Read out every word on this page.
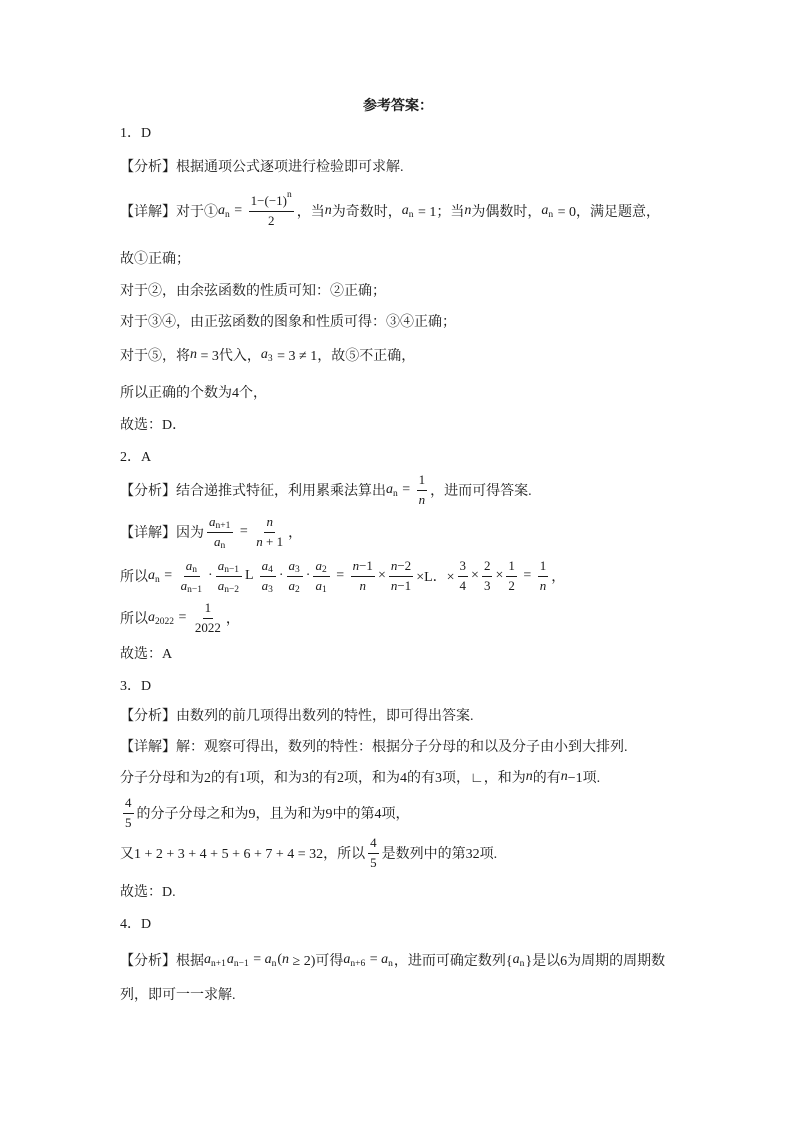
参考答案：
1．D
【分析】根据通项公式逐项进行检验即可求解.
【详解】对于① a $n = \frac{1-(-1) n}{2}$ ，当 n 为奇数时， a n = 1；当 n 为偶数时， a n = 0，满足题意，
故①正确；
对于②，由余弦函数的性质可知：②正确；
对于③④，由正弦函数的图象和性质可得：③④正确；
对于⑤，将 n = 3代入， a 3 = 3 ≠ 1，故⑤不正确，
所以正确的个数为4个，
故选：D．
2．A
【分析】结合递推式特征，利用累乘法算出 a $n = \frac{1}{n}$ ，进而可得答案.
【详解】因为 $\frac{\text{a n+1}}{\text{a n}} = \frac{n}{n + 1}$ ，
所以 a $n = \frac{\text{a n}}{\text{a n−1}} \cdot \frac{\text{a n−1}}{\text{a n−2}}$ L $\frac{a 4}{a 3} \cdot \frac{a 3}{a 2} \cdot \frac{a 2}{a 1} = \frac{n -1}{n} \times \frac{n -2}{n -1} \times L$．× $\frac{3}{4} \times \frac{2}{3} \times \frac{1}{2} = \frac{1}{n}$ ，
所以 a $2022 = \frac{1}{2022}$ ，
故选：A
3．D
【分析】由数列的前几项得出数列的特性，即可得出答案.
【详解】解：观察可得出，数列的特性：根据分子分母的和以及分子由小到大排列.
分子分母和为2的有1项，和为3的有2项，和为4的有3项，∟，和为 n 的有 n −1项.
$\frac{4}{5}$ 的分子分母之和为9，且为和为9中的第4项，
又1 + 2 + 3 + 4 + 5 + 6 + 7 + 4 = 32，所以 $\frac{4}{5}$ 是数列中的第32项.
故选：D.
4．D
【分析】根据 a n+1 a n−1 = a n ( n ≥ 2)可得 a n+6 = a n ，进而可确定数列{ a n }是以6为周期的周期数
列，即可一一求解.
